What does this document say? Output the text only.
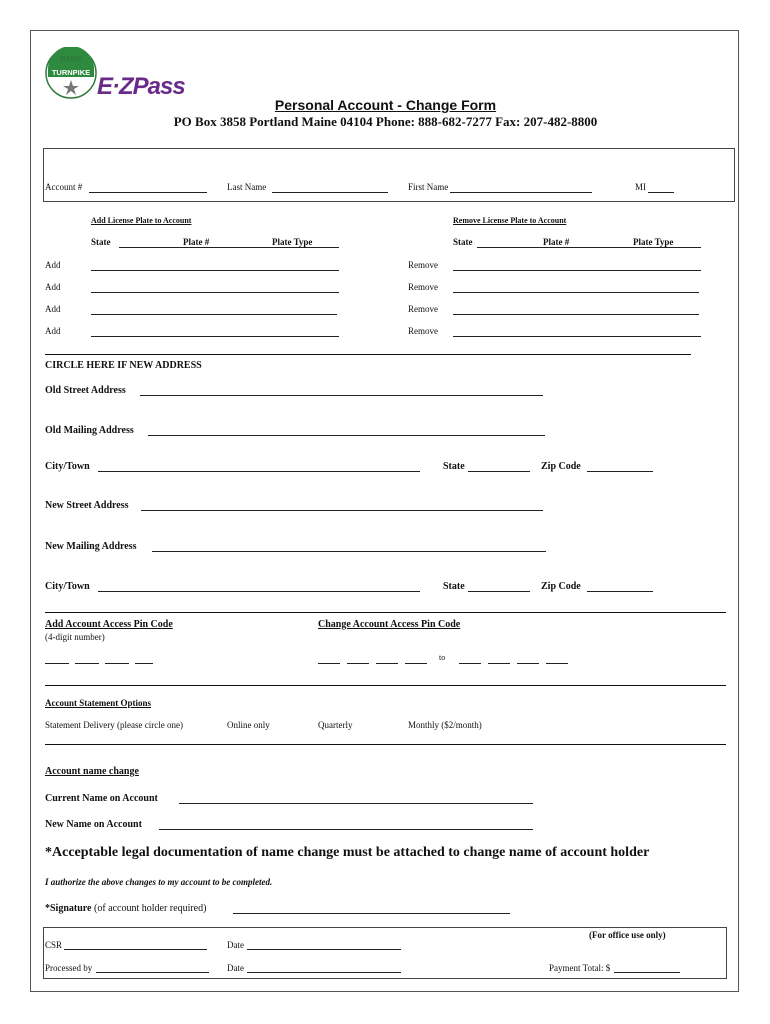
MAINE
TURNPIKE
E·ZPass
Personal Account - Change Form
PO Box 3858 Portland Maine 04104 Phone: 888-682-7277 Fax: 207-482-8800
Account #	Last Name	First Name	MI
Add License Plate to Account	Remove License Plate to Account
State	Plate #	Plate Type	State	Plate #	Plate Type
Add	Remove
Add	Remove
Add	Remove
Add	Remove
CIRCLE HERE IF NEW ADDRESS
Old Street Address
Old Mailing Address
City/Town	State	Zip Code
New Street Address
New Mailing Address
City/Town	State	Zip Code
Add Account Access Pin Code
(4-digit number)
Change Account Access Pin Code
to
Account Statement Options
Statement Delivery (please circle one)	Online only	Quarterly	Monthly ($2/month)
Account name change
Current Name on Account
New Name on Account
*Acceptable legal documentation of name change must be attached to change name of account holder
I authorize the above changes to my account to be completed.
*Signature (of account holder required)
(For office use only)
CSR	Date
Processed by	Date	Payment Total: $
